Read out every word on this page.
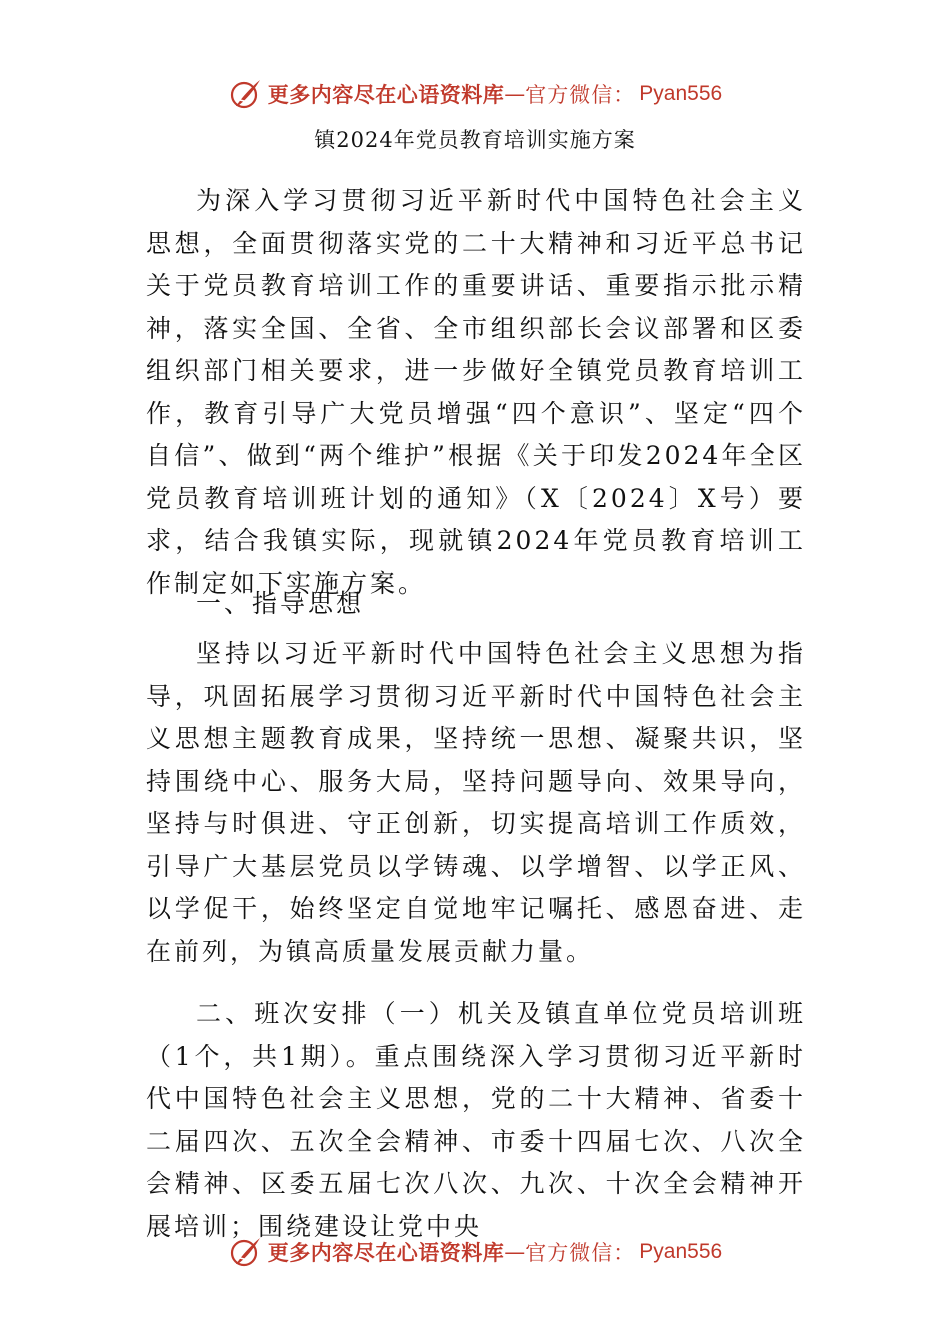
更多内容尽在心语资料库 — 官方微信： Pyan556
镇2024年党员教育培训实施方案

为深入学习贯彻习近平新时代中国特色社会主义思想，全面贯彻落实党的二十大精神和习近平总书记关于党员教育培训工作的重要讲话、重要指示批示精神，落实全国、全省、全市组织部长会议部署和区委组织部门相关要求，进一步做好全镇党员教育培训工作，教育引导广大党员增强“四个意识”、坚定“四个自信”、做到“两个维护”根据《关于印发2024年全区党员教育培训班计划的通知》（X〔2024〕X号）要求，结合我镇实际，现就镇2024年党员教育培训工作制定如下实施方案。

一、指导思想

坚持以习近平新时代中国特色社会主义思想为指导，巩固拓展学习贯彻习近平新时代中国特色社会主义思想主题教育成果，坚持统一思想、凝聚共识，坚持围绕中心、服务大局，坚持问题导向、效果导向，坚持与时俱进、守正创新，切实提高培训工作质效，引导广大基层党员以学铸魂、以学增智、以学正风、以学促干，始终坚定自觉地牢记嘱托、感恩奋进、走在前列，为镇高质量发展贡献力量。

二、班次安排（一）机关及镇直单位党员培训班（1个，共1期）。重点围绕深入学习贯彻习近平新时代中国特色社会主义思想，党的二十大精神、省委十二届四次、五次全会精神、市委十四届七次、八次全会精神、区委五届七次八次、九次、十次全会精神开展培训；围绕建设让党中央

更多内容尽在心语资料库 — 官方微信： Pyan556
